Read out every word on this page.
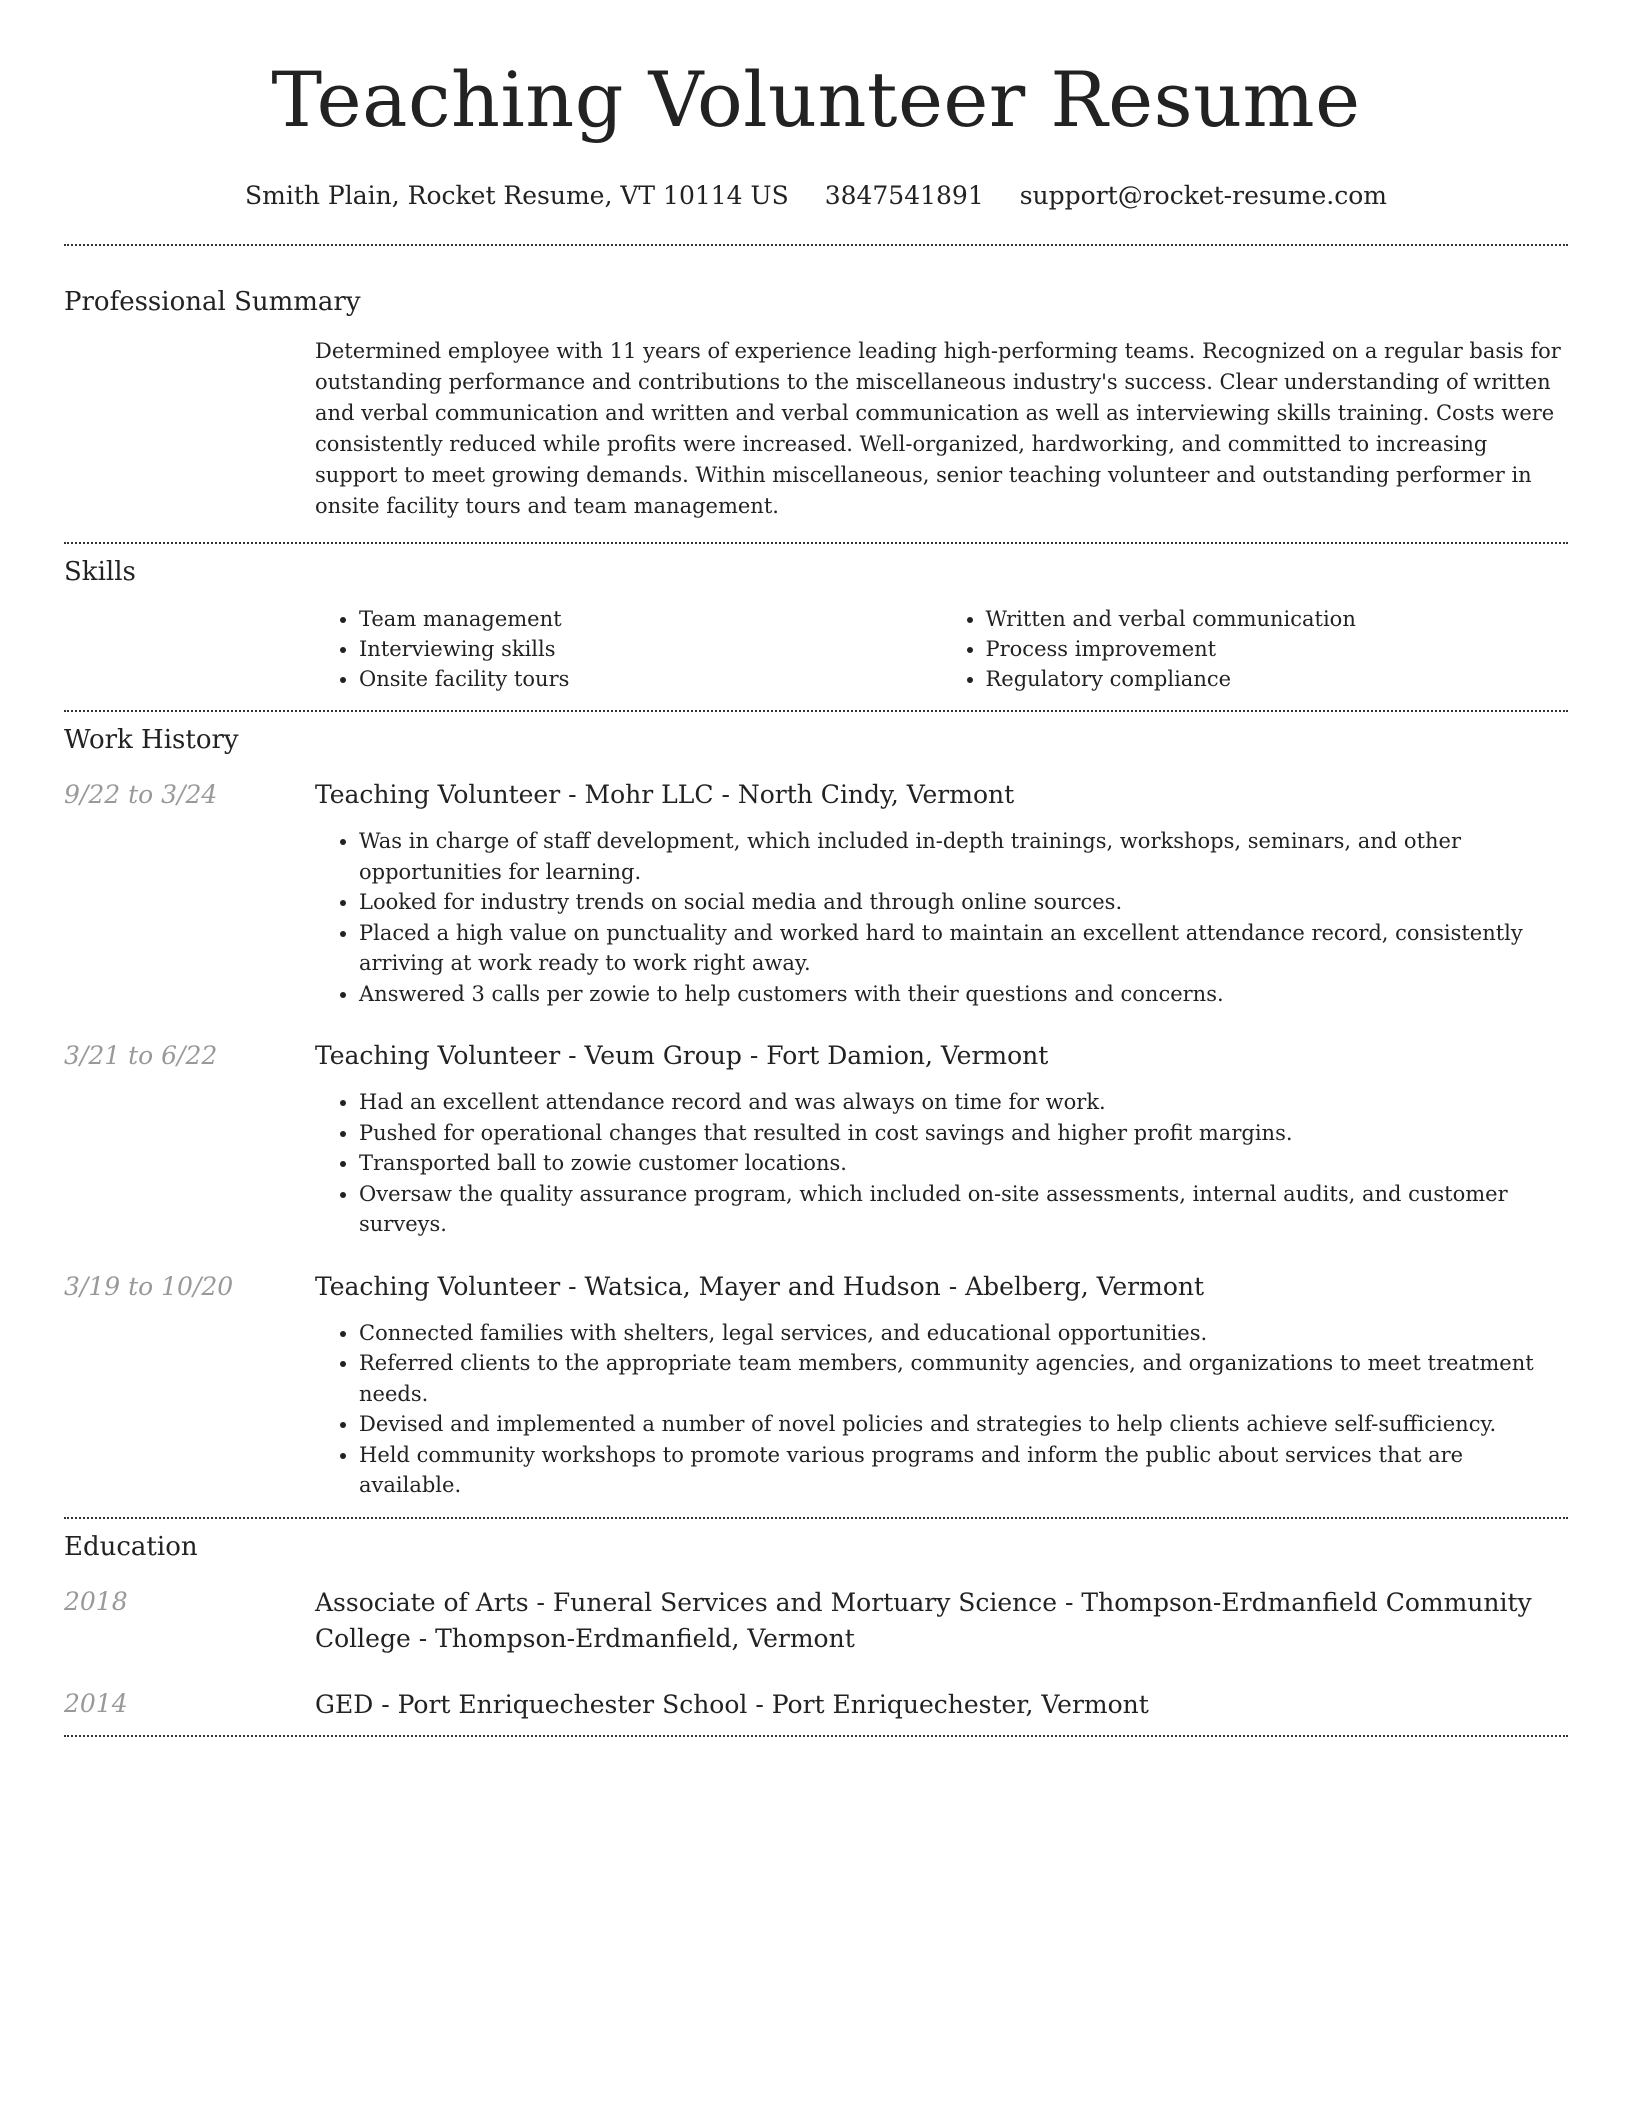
Teaching Volunteer Resume
Smith Plain, Rocket Resume, VT 10114 US 3847541891 support@rocket-resume.com
Professional Summary

Determined employee with 11 years of experience leading high-performing teams. Recognized on a regular basis for outstanding performance and contributions to the miscellaneous industry's success. Clear understanding of written and verbal communication and written and verbal communication as well as interviewing skills training. Costs were consistently reduced while profits were increased. Well-organized, hardworking, and committed to increasing support to meet growing demands. Within miscellaneous, senior teaching volunteer and outstanding performer in onsite facility tours and team management.

Skills
• Team management
• Interviewing skills
• Onsite facility tours
• Written and verbal communication
• Process improvement
• Regulatory compliance
Work History
9/22 to 3/24	Teaching Volunteer - Mohr LLC - North Cindy, Vermont
• Was in charge of staff development, which included in-depth trainings, workshops, seminars, and other opportunities for learning.
• Looked for industry trends on social media and through online sources.
• Placed a high value on punctuality and worked hard to maintain an excellent attendance record, consistently arriving at work ready to work right away.
• Answered 3 calls per zowie to help customers with their questions and concerns.
3/21 to 6/22	Teaching Volunteer - Veum Group - Fort Damion, Vermont
• Had an excellent attendance record and was always on time for work.
• Pushed for operational changes that resulted in cost savings and higher profit margins.
• Transported ball to zowie customer locations.
• Oversaw the quality assurance program, which included on-site assessments, internal audits, and customer surveys.
3/19 to 10/20	Teaching Volunteer - Watsica, Mayer and Hudson - Abelberg, Vermont
• Connected families with shelters, legal services, and educational opportunities.
• Referred clients to the appropriate team members, community agencies, and organizations to meet treatment needs.
• Devised and implemented a number of novel policies and strategies to help clients achieve self-sufficiency.
• Held community workshops to promote various programs and inform the public about services that are available.
Education
2018	Associate of Arts - Funeral Services and Mortuary Science - Thompson-Erdmanfield Community College - Thompson-Erdmanfield, Vermont
2014	GED - Port Enriquechester School - Port Enriquechester, Vermont
